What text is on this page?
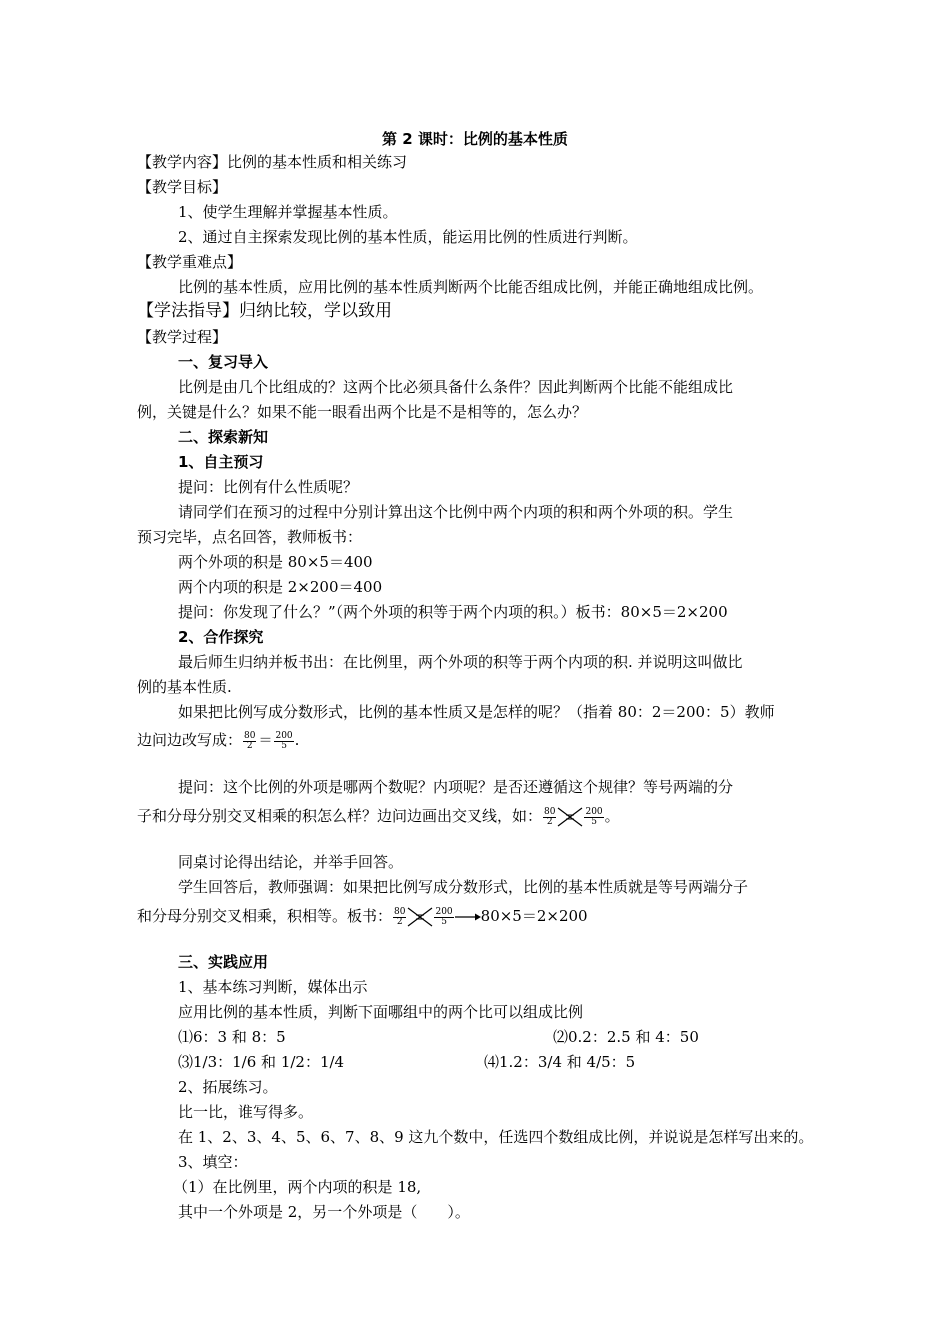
第 2 课时：比例的基本性质
【教学内容】比例的基本性质和相关练习
【教学目标】
1、使学生理解并掌握基本性质。
2、通过自主探索发现比例的基本性质，能运用比例的性质进行判断。
【教学重难点】
比例的基本性质，应用比例的基本性质判断两个比能否组成比例，并能正确地组成比例。
【学法指导】归纳比较，学以致用
【教学过程】
一、复习导入
比例是由几个比组成的？这两个比必须具备什么条件？因此判断两个比能不能组成比
例，关键是什么？如果不能一眼看出两个比是不是相等的，怎么办？
二、探索新知
1、自主预习
提问：比例有什么性质呢？
请同学们在预习的过程中分别计算出这个比例中两个内项的积和两个外项的积。学生
预习完毕，点名回答，教师板书：
两个外项的积是 80×5＝400
两个内项的积是 2×200＝400
提问：你发现了什么？”（两个外项的积等于两个内项的积。）板书：80×5＝2×200
2、合作探究
最后师生归纳并板书出：在比例里，两个外项的积等于两个内项的积. 并说明这叫做比
例的基本性质.
如果把比例写成分数形式，比例的基本性质又是怎样的呢？（指着 80：2＝200：5）教师
边问边改写成： $\frac{80}{2} = \frac{200}{5}$ .
提问：这个比例的外项是哪两个数呢？内项呢？是否还遵循这个规律？等号两端的分
子和分母分别交叉相乘的积怎么样？边问边画出交叉线，如： $\frac{80}{2}$	$\frac{200}{5}$ 。
同桌讨论得出结论，并举手回答。
学生回答后，教师强调：如果把比例写成分数形式，比例的基本性质就是等号两端分子
和分母分别交叉相乘，积相等。板书： $\frac{80}{2}$	$\frac{200}{5} 80\times 5=2\times 200$
三、实践应用
1、基本练习判断，媒体出示
应用比例的基本性质，判断下面哪组中的两个比可以组成比例
⑴6：3 和 8：5	⑵0.2：2.5 和 4：50
⑶1/3：1/6 和 1/2：1/4	⑷1.2：3/4 和 4/5：5
2、拓展练习。
比一比，谁写得多。
在 1、2、3、4、5、6、7、8、9 这九个数中，任选四个数组成比例，并说说是怎样写出来的。
3、填空：
（1）在比例里，两个内项的积是 18,
其中一个外项是 2，另一个外项是（　　）。
